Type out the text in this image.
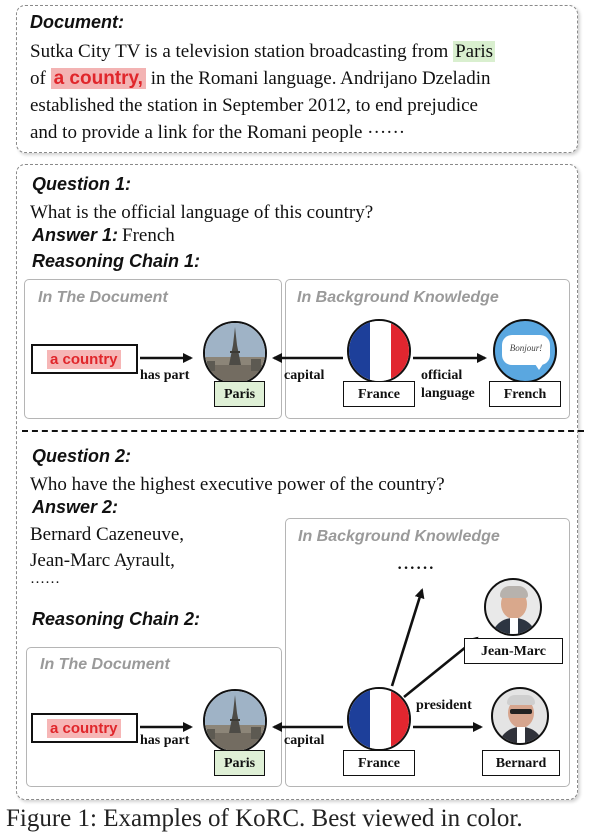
Document:
Sutka City TV is a television station broadcasting from Paris
of a country, in the Romani language. Andrijano Dzeladin
established the station in September 2012, to end prejudice
and to provide a link for the Romani people ······
Question 1:
What is the official language of this country?
Answer 1: French
Reasoning Chain 1:
In The Document	In Background Knowledge
Question 2:
Who have the highest executive power of the country?
Answer 2:
Bernard Cazeneuve,
Jean-Marc Ayrault,
······
Reasoning Chain 2:
In The Document
In Background Knowledge
a country
has part
Paris
capital
France
official
language
Bonjour!
French
a country
has part
Paris
capital
France
president
······
Jean-Marc
Bernard
Figure 1: Examples of KoRC. Best viewed in color.
